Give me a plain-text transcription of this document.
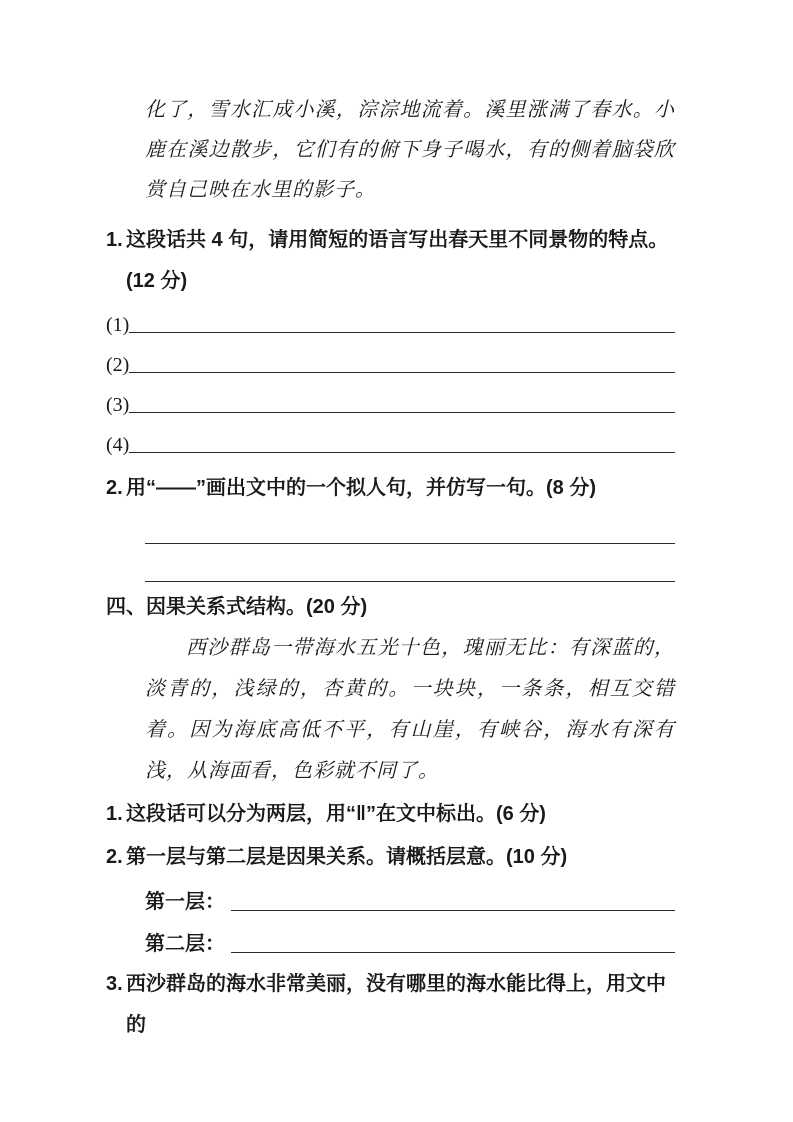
化了，雪水汇成小溪，淙淙地流着。溪里涨满了春水。小鹿在溪边散步，它们有的俯下身子喝水，有的侧着脑袋欣赏自己映在水里的影子。

1. 这段话共 4 句，请用简短的语言写出春天里不同景物的特点。(12 分)
(1)
(2)
(3)
(4)
2. 用“——”画出文中的一个拟人句，并仿写一句。(8 分)
四、因果关系式结构。(20 分)

西沙群岛一带海水五光十色，瑰丽无比：有深蓝的，淡青的，浅绿的，杏黄的。一块块，一条条，相互交错着。因为海底高低不平，有山崖，有峡谷，海水有深有浅，从海面看，色彩就不同了。

1. 这段话可以分为两层，用“‖”在文中标出。(6 分)
2. 第一层与第二层是因果关系。请概括层意。(10 分)
第一层：
第二层：
3. 西沙群岛的海水非常美丽，没有哪里的海水能比得上，用文中的
